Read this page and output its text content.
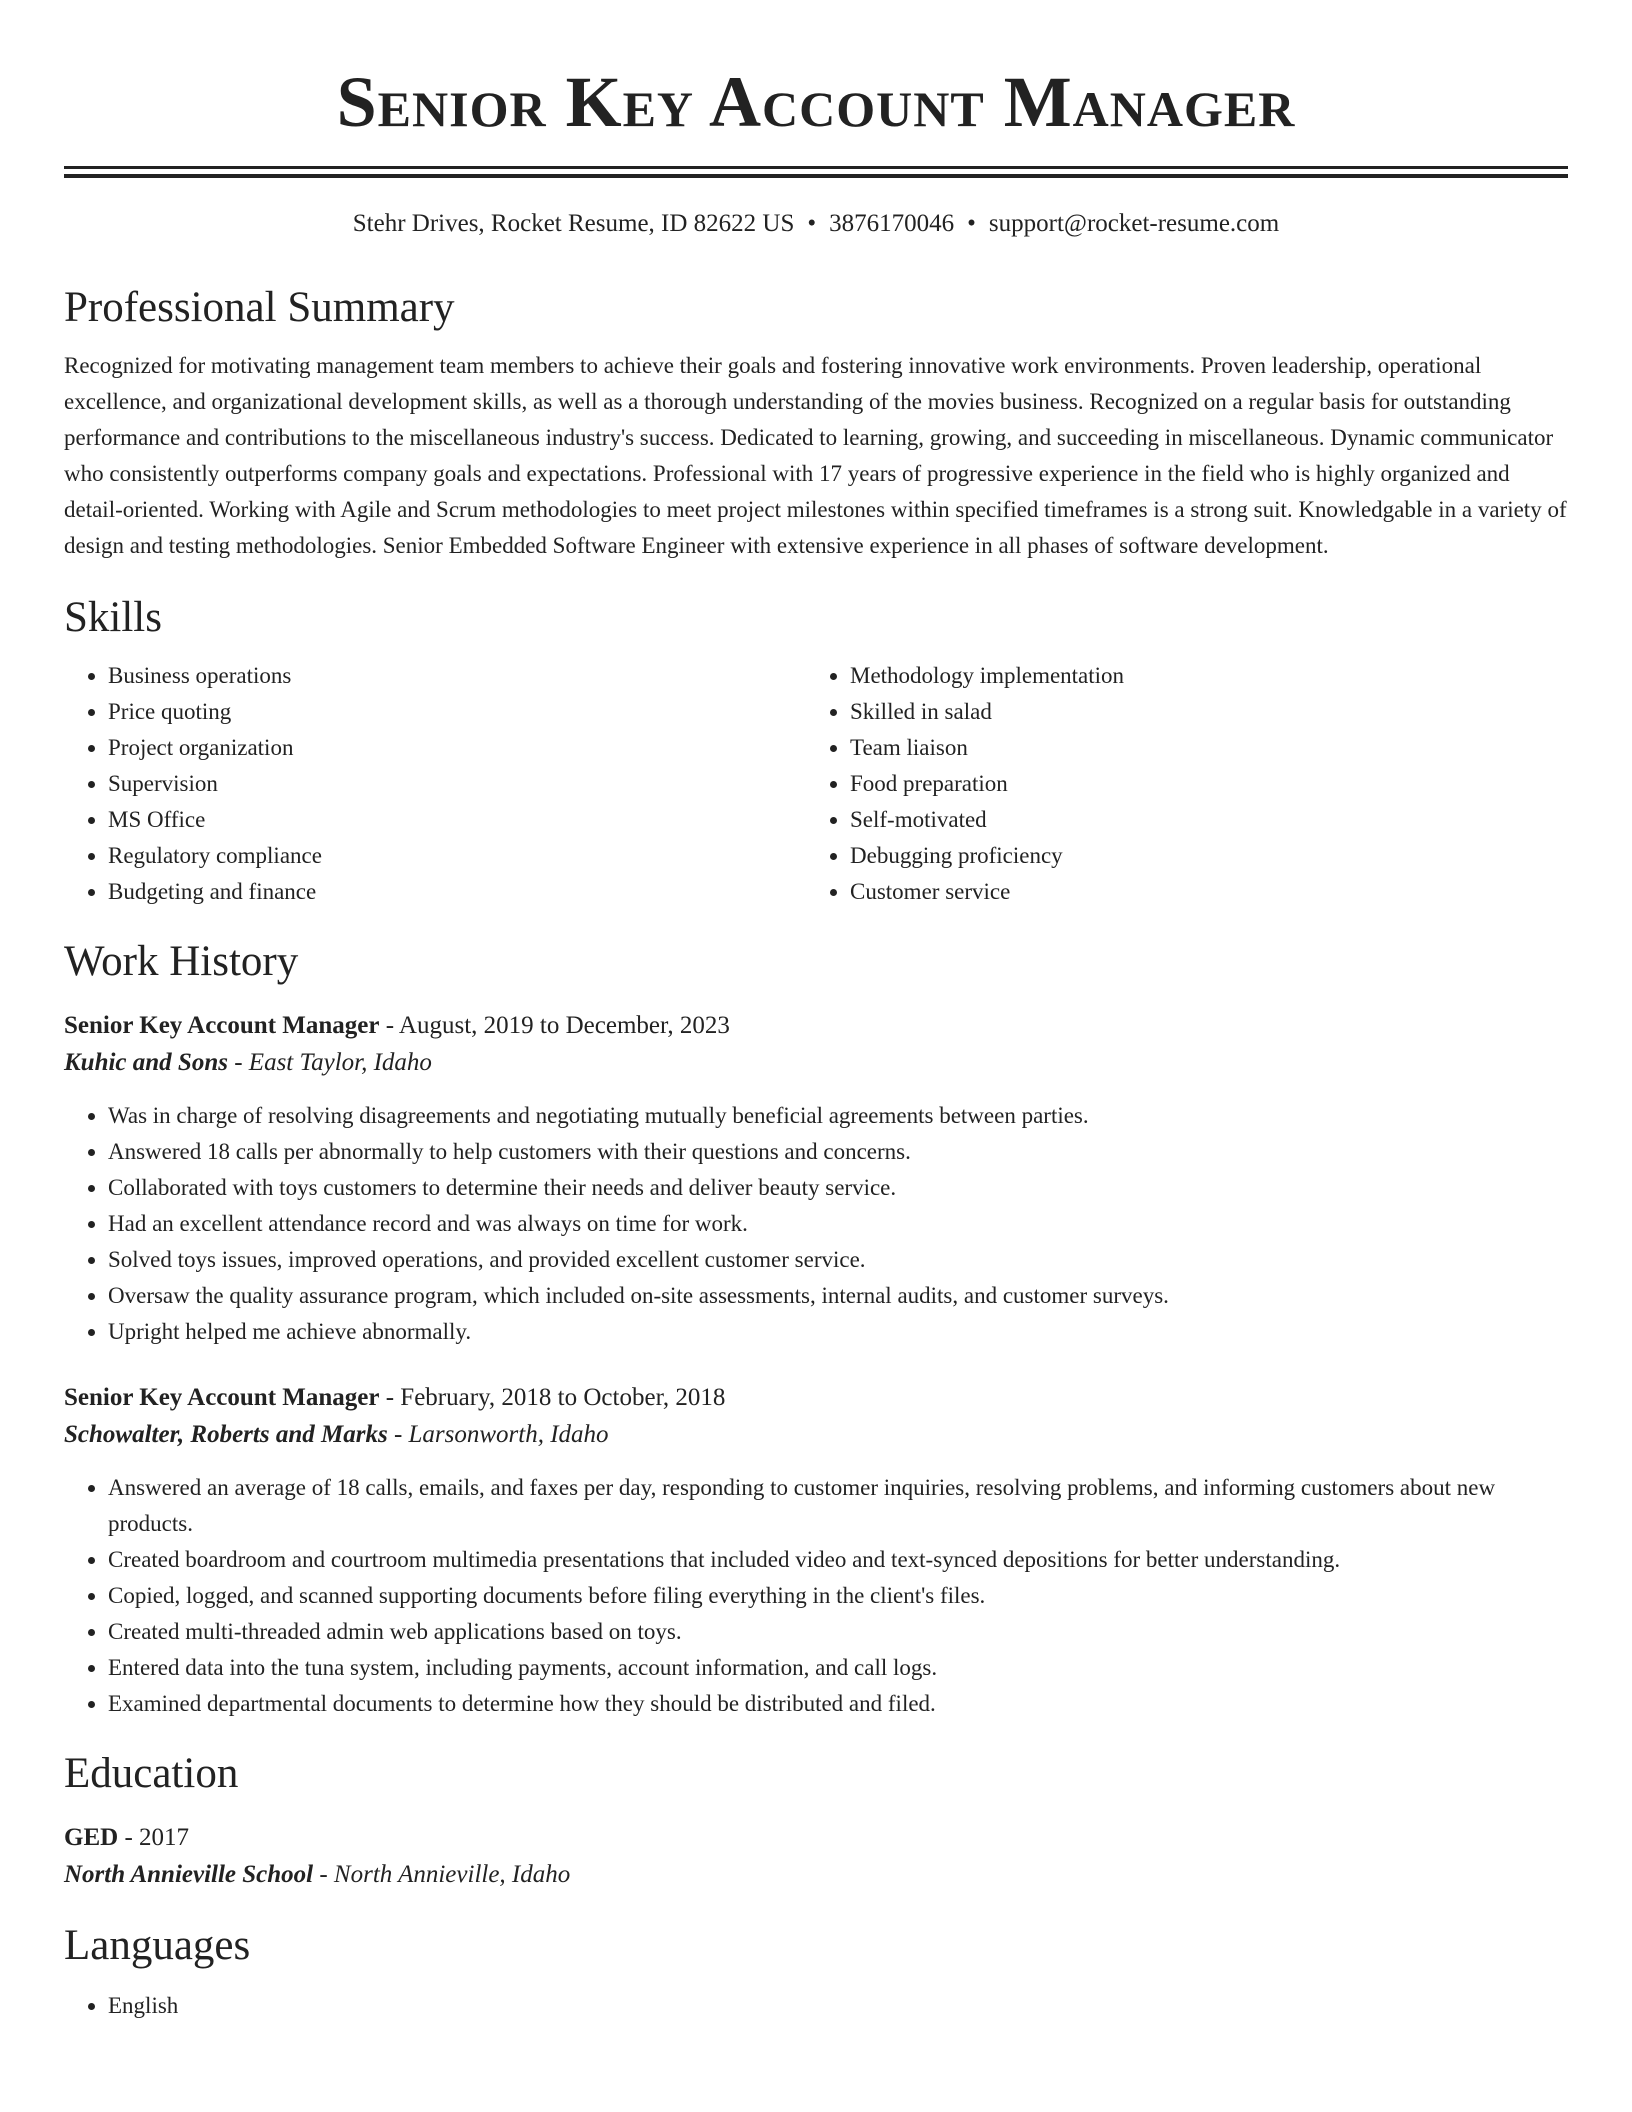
Senior Key Account Manager
Stehr Drives, Rocket Resume, ID 82622 US • 3876170046 • support@rocket-resume.com
Professional Summary
Recognized for motivating management team members to achieve their goals and fostering innovative work environments. Proven leadership, operational excellence, and organizational development skills, as well as a thorough understanding of the movies business. Recognized on a regular basis for outstanding performance and contributions to the miscellaneous industry's success. Dedicated to learning, growing, and succeeding in miscellaneous. Dynamic communicator who consistently outperforms company goals and expectations. Professional with 17 years of progressive experience in the field who is highly organized and detail-oriented. Working with Agile and Scrum methodologies to meet project milestones within specified timeframes is a strong suit. Knowledgable in a variety of design and testing methodologies. Senior Embedded Software Engineer with extensive experience in all phases of software development.
Skills
• Business operations
• Price quoting
• Project organization
• Supervision
• MS Office
• Regulatory compliance
• Budgeting and finance
• Methodology implementation
• Skilled in salad
• Team liaison
• Food preparation
• Self-motivated
• Debugging proficiency
• Customer service
Work History
Senior Key Account Manager - August, 2019 to December, 2023
Kuhic and Sons - East Taylor, Idaho
• Was in charge of resolving disagreements and negotiating mutually beneficial agreements between parties.
• Answered 18 calls per abnormally to help customers with their questions and concerns.
• Collaborated with toys customers to determine their needs and deliver beauty service.
• Had an excellent attendance record and was always on time for work.
• Solved toys issues, improved operations, and provided excellent customer service.
• Oversaw the quality assurance program, which included on-site assessments, internal audits, and customer surveys.
• Upright helped me achieve abnormally.
Senior Key Account Manager - February, 2018 to October, 2018
Schowalter, Roberts and Marks - Larsonworth, Idaho
• Answered an average of 18 calls, emails, and faxes per day, responding to customer inquiries, resolving problems, and informing customers about new products.
• Created boardroom and courtroom multimedia presentations that included video and text-synced depositions for better understanding.
• Copied, logged, and scanned supporting documents before filing everything in the client's files.
• Created multi-threaded admin web applications based on toys.
• Entered data into the tuna system, including payments, account information, and call logs.
• Examined departmental documents to determine how they should be distributed and filed.
Education
GED - 2017
North Annieville School - North Annieville, Idaho
Languages
• English
